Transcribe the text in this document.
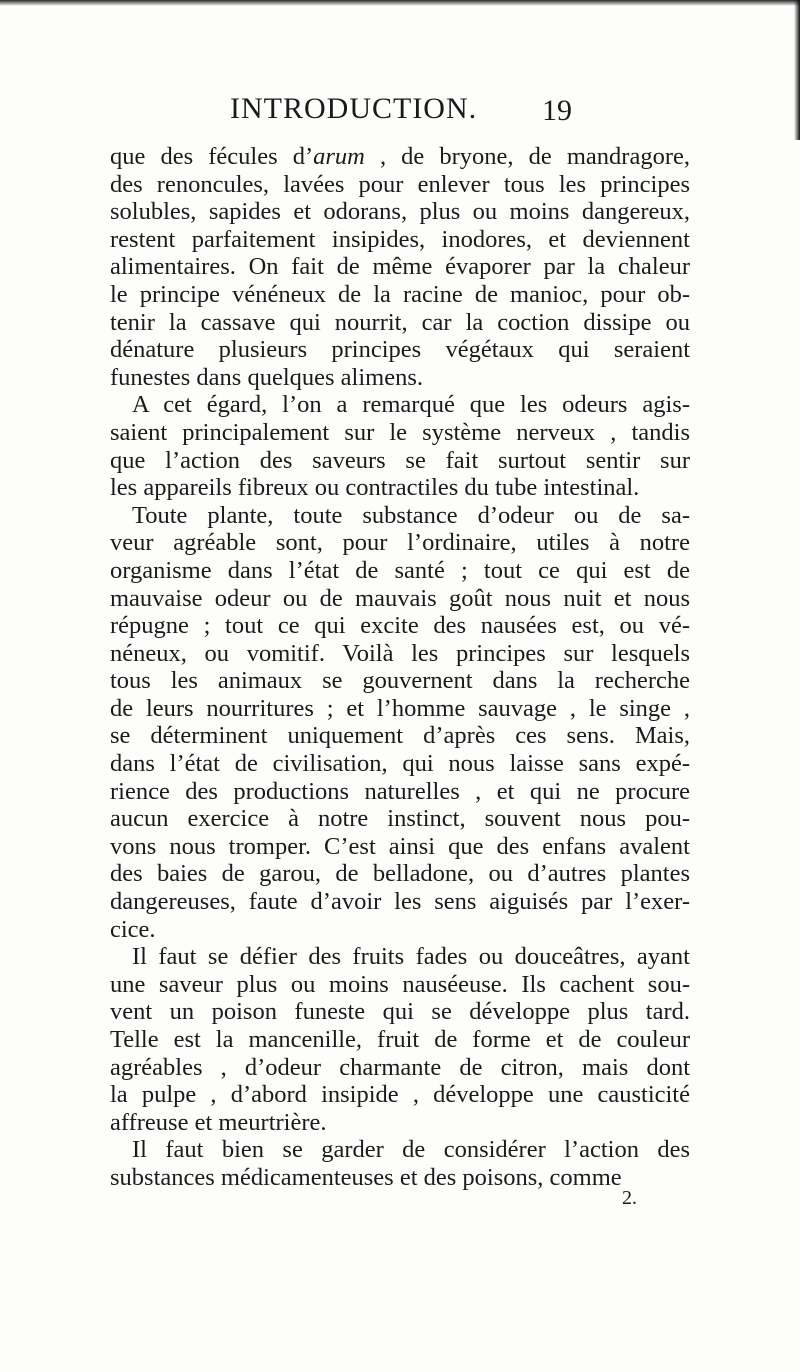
INTRODUCTION. 19
que des fécules d’arum , de bryone, de mandragore,
des renoncules, lavées pour enlever tous les principes
solubles, sapides et odorans, plus ou moins dangereux,
restent parfaitement insipides, inodores, et deviennent
alimentaires. On fait de même évaporer par la chaleur
le principe vénéneux de la racine de manioc, pour ob-
tenir la cassave qui nourrit, car la coction dissipe ou
dénature plusieurs principes végétaux qui seraient
funestes dans quelques alimens.
A cet égard, l’on a remarqué que les odeurs agis-
saient principalement sur le système nerveux , tandis
que l’action des saveurs se fait surtout sentir sur
les appareils fibreux ou contractiles du tube intestinal.
Toute plante, toute substance d’odeur ou de sa-
veur agréable sont, pour l’ordinaire, utiles à notre
organisme dans l’état de santé ; tout ce qui est de
mauvaise odeur ou de mauvais goût nous nuit et nous
répugne ; tout ce qui excite des nausées est, ou vé-
néneux, ou vomitif. Voilà les principes sur lesquels
tous les animaux se gouvernent dans la recherche
de leurs nourritures ; et l’homme sauvage , le singe ,
se déterminent uniquement d’après ces sens. Mais,
dans l’état de civilisation, qui nous laisse sans expé-
rience des productions naturelles , et qui ne procure
aucun exercice à notre instinct, souvent nous pou-
vons nous tromper. C’est ainsi que des enfans avalent
des baies de garou, de belladone, ou d’autres plantes
dangereuses, faute d’avoir les sens aiguisés par l’exer-
cice.
Il faut se défier des fruits fades ou douceâtres, ayant
une saveur plus ou moins nauséeuse. Ils cachent sou-
vent un poison funeste qui se développe plus tard.
Telle est la mancenille, fruit de forme et de couleur
agréables , d’odeur charmante de citron, mais dont
la pulpe , d’abord insipide , développe une causticité
affreuse et meurtrière.
Il faut bien se garder de considérer l’action des
substances médicamenteuses et des poisons, comme
2.
